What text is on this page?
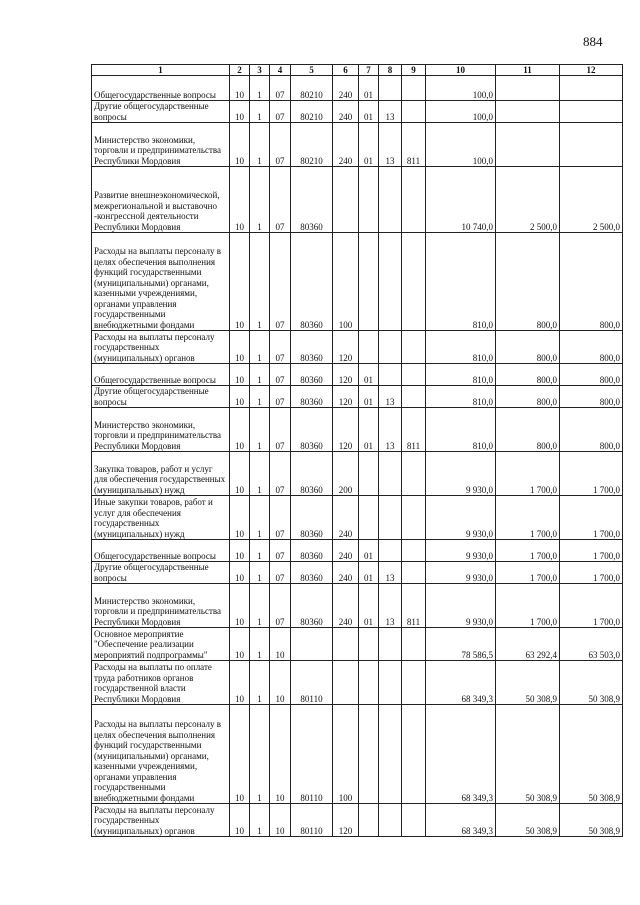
884
1	2	3	4	5	6	7	8	9	10	11	12
Общегосударственные вопросы	10	1	07	80210	240	01			100,0		
Другие общегосударственные вопросы	10	1	07	80210	240	01	13		100,0		
Министерство экономики, торговли и предпринимательства Республики Мордовия	10	1	07	80210	240	01	13	811	100,0		
Развитие внешнеэкономической, межрегиональной и выставочно -конгрессной деятельности Республики Мордовия	10	1	07	80360					10 740,0	2 500,0	2 500,0
Расходы на выплаты персоналу в целях обеспечения выполнения функций государственными (муниципальными) органами, казенными учреждениями, органами управления государственными внебюджетными фондами	10	1	07	80360	100				810,0	800,0	800,0
Расходы на выплаты персоналу государственных (муниципальных) органов	10	1	07	80360	120				810,0	800,0	800,0
Общегосударственные вопросы	10	1	07	80360	120	01			810,0	800,0	800,0
Другие общегосударственные вопросы	10	1	07	80360	120	01	13		810,0	800,0	800,0
Министерство экономики, торговли и предпринимательства Республики Мордовия	10	1	07	80360	120	01	13	811	810,0	800,0	800,0
Закупка товаров, работ и услуг для обеспечения государственных (муниципальных) нужд	10	1	07	80360	200				9 930,0	1 700,0	1 700,0
Иные закупки товаров, работ и услуг для обеспечения государственных (муниципальных) нужд	10	1	07	80360	240				9 930,0	1 700,0	1 700,0
Общегосударственные вопросы	10	1	07	80360	240	01			9 930,0	1 700,0	1 700,0
Другие общегосударственные вопросы	10	1	07	80360	240	01	13		9 930,0	1 700,0	1 700,0
Министерство экономики, торговли и предпринимательства Республики Мордовия	10	1	07	80360	240	01	13	811	9 930,0	1 700,0	1 700,0
Основное мероприятие "Обеспечение реализации мероприятий подпрограммы"	10	1	10						78 586,5	63 292,4	63 503,0
Расходы на выплаты по оплате труда работников органов государственной власти Республики Мордовия	10	1	10	80110					68 349,3	50 308,9	50 308,9
Расходы на выплаты персоналу в целях обеспечения выполнения функций государственными (муниципальными) органами, казенными учреждениями, органами управления государственными внебюджетными фондами	10	1	10	80110	100				68 349,3	50 308,9	50 308,9
Расходы на выплаты персоналу государственных (муниципальных) органов	10	1	10	80110	120				68 349,3	50 308,9	50 308,9
